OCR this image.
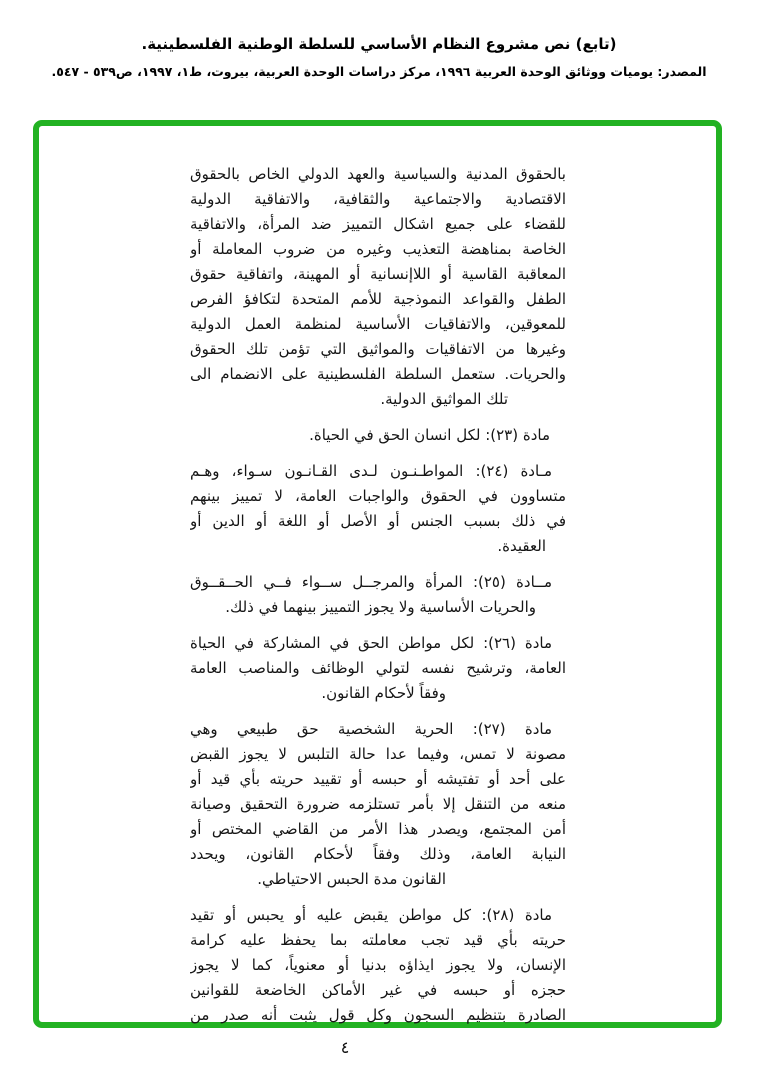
(تابع) نص مشروع النظام الأساسي للسلطة الوطنية الفلسطينية.
المصدر: يوميات ووثائق الوحدة العربية ١٩٩٦، مركز دراسات الوحدة العربية، بيروت، ط١، ١٩٩٧، ص٥٣٩ - ٥٤٧.
بالحقوق المدنية والسياسية والعهد الدولي الخاص بالحقوق
الاقتصادية والاجتماعية والثقافية، والاتفاقية الدولية
للقضاء على جميع اشكال التمييز ضد المرأة، والاتفاقية
الخاصة بمناهضة التعذيب وغيره من ضروب المعاملة أو
المعاقبة القاسية أو اللاإنسانية أو المهينة، واتفاقية حقوق
الطفل والقواعد النموذجية للأمم المتحدة لتكافؤ الفرص
للمعوقين، والاتفاقيات الأساسية لمنظمة العمل الدولية
وغيرها من الاتفاقيات والمواثيق التي تؤمن تلك الحقوق
والحريات. ستعمل السلطة الفلسطينية على الانضمام الى
تلك المواثيق الدولية.
مادة (٢٣): لكل انسان الحق في الحياة.
مـادة (٢٤): المواطـنـون لـدى القـانـون سـواء، وهـم
متساوون في الحقوق والواجبات العامة، لا تمييز بينهم
في ذلك بسبب الجنس أو الأصل أو اللغة أو الدين أو
العقيدة.
مــادة (٢٥): المرأة والمرجــل ســواء فــي الحــقــوق
والحريات الأساسية ولا يجوز التمييز بينهما في ذلك.
مادة (٢٦): لكل مواطن الحق في المشاركة في الحياة
العامة، وترشيح نفسه لتولي الوظائف والمناصب العامة
وفقاً لأحكام القانون.
مادة (٢٧): الحرية الشخصية حق طبيعي وهي
مصونة لا تمس، وفيما عدا حالة التلبس لا يجوز القبض
على أحد أو تفتيشه أو حبسه أو تقييد حريته بأي قيد أو
منعه من التنقل إلا بأمر تستلزمه ضرورة التحقيق وصيانة
أمن المجتمع، ويصدر هذا الأمر من القاضي المختص أو
النيابة العامة، وذلك وفقاً لأحكام القانون، ويحدد
القانون مدة الحبس الاحتياطي.
مادة (٢٨): كل مواطن يقبض عليه أو يحبس أو تقيد
حريته بأي قيد تجب معاملته بما يحفظ عليه كرامة
الإنسان، ولا يجوز ايذاؤه بدنيا أو معنوياً، كما لا يجوز
حجزه أو حبسه في غير الأماكن الخاضعة للقوانين
الصادرة بتنظيم السجون وكل قول يثبت أنه صدر من
٤
